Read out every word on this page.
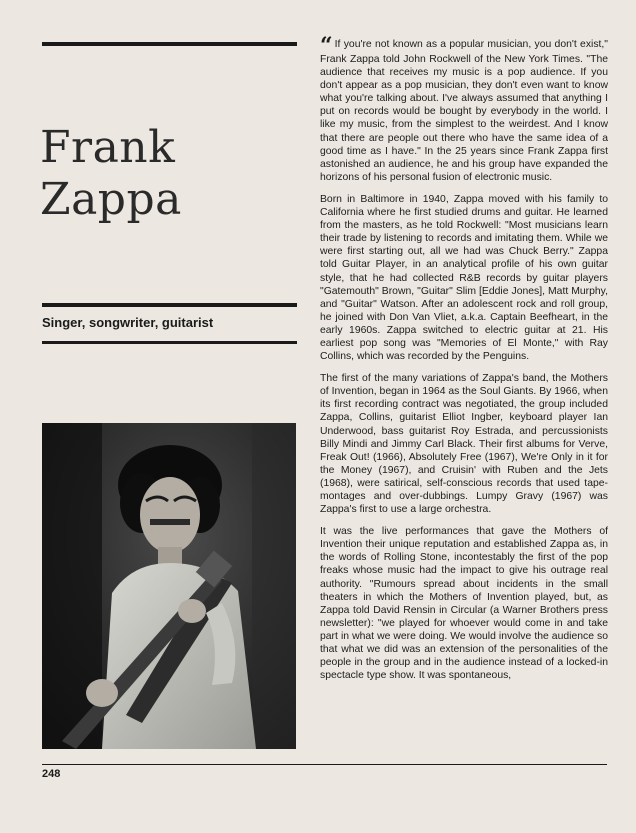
Frank
Zappa
Singer, songwriter, guitarist

“ If you're not known as a popular musician, you don't exist," Frank Zappa told John Rockwell of the New York Times. "The audience that receives my music is a pop audience. If you don't appear as a pop musician, they don't even want to know what you're talking about. I've always assumed that anything I put on records would be bought by everybody in the world. I like my music, from the simplest to the weirdest. And I know that there are people out there who have the same idea of a good time as I have." In the 25 years since Frank Zappa first astonished an audience, he and his group have expanded the horizons of his personal fusion of electronic music.

Born in Baltimore in 1940, Zappa moved with his family to California where he first studied drums and guitar. He learned from the masters, as he told Rockwell: "Most musicians learn their trade by listening to records and imitating them. While we were first starting out, all we had was Chuck Berry." Zappa told Guitar Player, in an analytical profile of his own guitar style, that he had collected R&B records by guitar players "Gatemouth" Brown, "Guitar" Slim [Eddie Jones], Matt Murphy, and "Guitar" Watson. After an adolescent rock and roll group, he joined with Don Van Vliet, a.k.a. Captain Beefheart, in the early 1960s. Zappa switched to electric guitar at 21. His earliest pop song was "Memories of El Monte," with Ray Collins, which was recorded by the Penguins.

The first of the many variations of Zappa's band, the Mothers of Invention, began in 1964 as the Soul Giants. By 1966, when its first recording contract was negotiated, the group included Zappa, Collins, guitarist Elliot Ingber, keyboard player Ian Underwood, bass guitarist Roy Estrada, and percussionists Billy Mindi and Jimmy Carl Black. Their first albums for Verve, Freak Out! (1966), Absolutely Free (1967), We're Only in it for the Money (1967), and Cruisin' with Ruben and the Jets (1968), were satirical, self-conscious records that used tape-montages and over-dubbings. Lumpy Gravy (1967) was Zappa's first to use a large orchestra.

It was the live performances that gave the Mothers of Invention their unique reputation and established Zappa as, in the words of Rolling Stone, incontestably the first of the pop freaks whose music had the impact to give his outrage real authority. "Rumours spread about incidents in the small theaters in which the Mothers of Invention played, but, as Zappa told David Rensin in Circular (a Warner Brothers press newsletter): "we played for whoever would come in and take part in what we were doing. We would involve the audience so that what we did was an extension of the personalities of the people in the group and in the audience instead of a locked-in spectacle type show. It was spontaneous,

248
